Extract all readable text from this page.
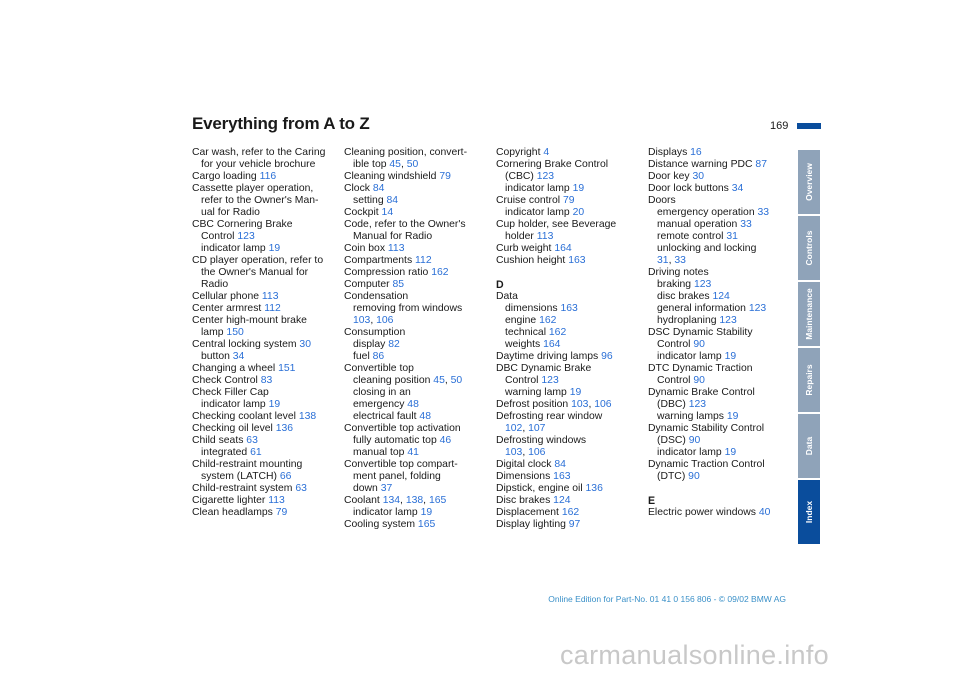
Everything from A to Z	169
Car wash, refer to the Caring
for your vehicle brochure
Cargo loading 116
Cassette player operation,
refer to the Owner's Man-
ual for Radio
CBC Cornering Brake
Control 123
indicator lamp 19
CD player operation, refer to
the Owner's Manual for
Radio
Cellular phone 113
Center armrest 112
Center high-mount brake
lamp 150
Central locking system 30
button 34
Changing a wheel 151
Check Control 83
Check Filler Cap
indicator lamp 19
Checking coolant level 138
Checking oil level 136
Child seats 63
integrated 61
Child-restraint mounting
system (LATCH) 66
Child-restraint system 63
Cigarette lighter 113
Clean headlamps 79
Cleaning position, convert-
ible top 45, 50
Cleaning windshield 79
Clock 84
setting 84
Cockpit 14
Code, refer to the Owner's
Manual for Radio
Coin box 113
Compartments 112
Compression ratio 162
Computer 85
Condensation
removing from windows
103, 106
Consumption
display 82
fuel 86
Convertible top
cleaning position 45, 50
closing in an
emergency 48
electrical fault 48
Convertible top activation
fully automatic top 46
manual top 41
Convertible top compart-
ment panel, folding
down 37
Coolant 134, 138, 165
indicator lamp 19
Cooling system 165
Copyright 4
Cornering Brake Control
(CBC) 123
indicator lamp 19
Cruise control 79
indicator lamp 20
Cup holder, see Beverage
holder 113
Curb weight 164
Cushion height 163
D
Data
dimensions 163
engine 162
technical 162
weights 164
Daytime driving lamps 96
DBC Dynamic Brake
Control 123
warning lamp 19
Defrost position 103, 106
Defrosting rear window
102, 107
Defrosting windows
103, 106
Digital clock 84
Dimensions 163
Dipstick, engine oil 136
Disc brakes 124
Displacement 162
Display lighting 97
Displays 16
Distance warning PDC 87
Door key 30
Door lock buttons 34
Doors
emergency operation 33
manual operation 33
remote control 31
unlocking and locking
31, 33
Driving notes
braking 123
disc brakes 124
general information 123
hydroplaning 123
DSC Dynamic Stability
Control 90
indicator lamp 19
DTC Dynamic Traction
Control 90
Dynamic Brake Control
(DBC) 123
warning lamps 19
Dynamic Stability Control
(DSC) 90
indicator lamp 19
Dynamic Traction Control
(DTC) 90
E
Electric power windows 40
Overview
Controls
Maintenance
Repairs
Data
Index
Online Edition for Part-No. 01 41 0 156 806 - © 09/02 BMW AG
carmanualsonline.info
